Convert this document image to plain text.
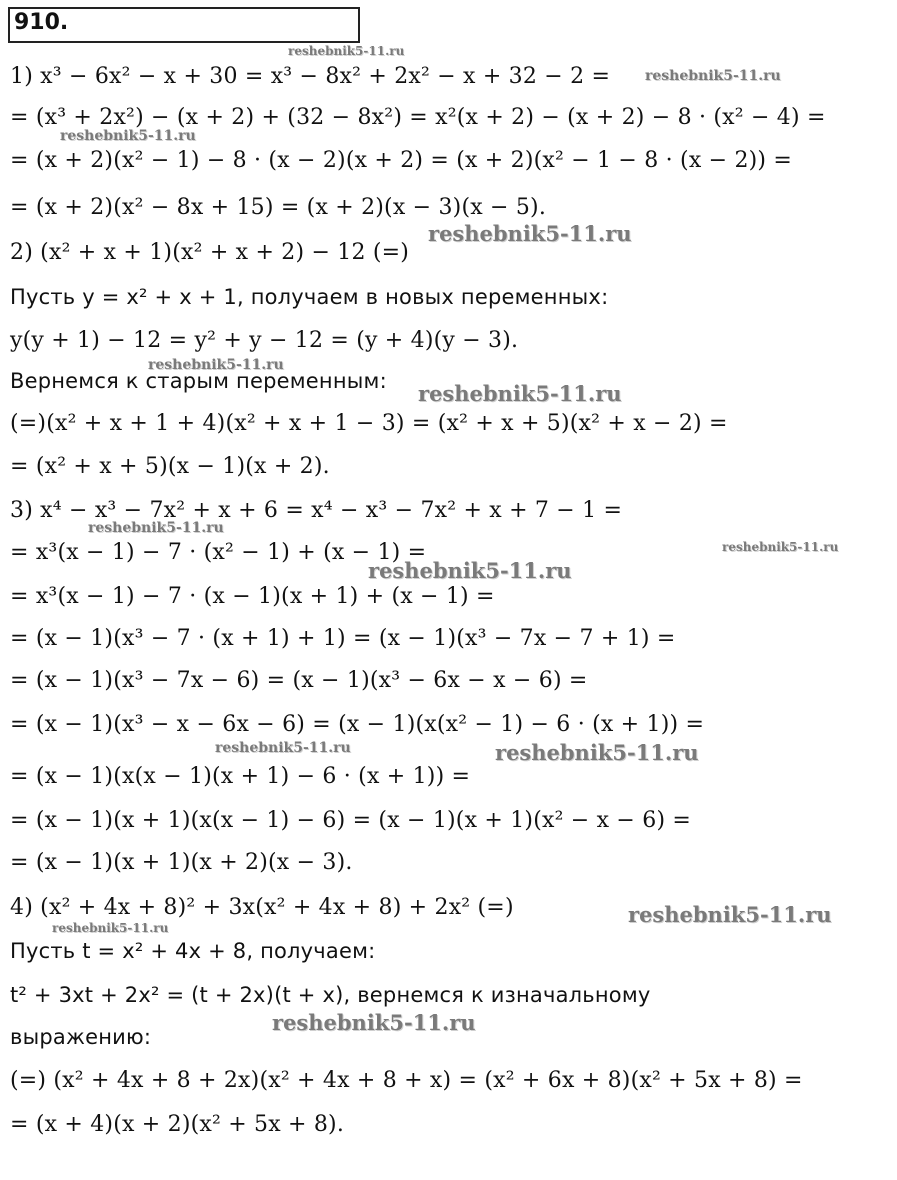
910.
1) x³ − 6x² − x + 30 = x³ − 8x² + 2x² − x + 32 − 2 =
= (x³ + 2x²) − (x + 2) + (32 − 8x²) = x²(x + 2) − (x + 2) − 8 · (x² − 4) =
= (x + 2)(x² − 1) − 8 · (x − 2)(x + 2) = (x + 2)(x² − 1 − 8 · (x − 2)) =
= (x + 2)(x² − 8x + 15) = (x + 2)(x − 3)(x − 5).
2) (x² + x + 1)(x² + x + 2) − 12 (=)
Пусть y = x² + x + 1, получаем в новых переменных:
y(y + 1) − 12 = y² + y − 12 = (y + 4)(y − 3).
Вернемся к старым переменным:
(=)(x² + x + 1 + 4)(x² + x + 1 − 3) = (x² + x + 5)(x² + x − 2) =
= (x² + x + 5)(x − 1)(x + 2).
3) x⁴ − x³ − 7x² + x + 6 = x⁴ − x³ − 7x² + x + 7 − 1 =
= x³(x − 1) − 7 · (x² − 1) + (x − 1) =
= x³(x − 1) − 7 · (x − 1)(x + 1) + (x − 1) =
= (x − 1)(x³ − 7 · (x + 1) + 1) = (x − 1)(x³ − 7x − 7 + 1) =
= (x − 1)(x³ − 7x − 6) = (x − 1)(x³ − 6x − x − 6) =
= (x − 1)(x³ − x − 6x − 6) = (x − 1)(x(x² − 1) − 6 · (x + 1)) =
= (x − 1)(x(x − 1)(x + 1) − 6 · (x + 1)) =
= (x − 1)(x + 1)(x(x − 1) − 6) = (x − 1)(x + 1)(x² − x − 6) =
= (x − 1)(x + 1)(x + 2)(x − 3).
4) (x² + 4x + 8)² + 3x(x² + 4x + 8) + 2x² (=)
Пусть t = x² + 4x + 8, получаем:
t² + 3xt + 2x² = (t + 2x)(t + x), вернемся к изначальному
выражению:
(=) (x² + 4x + 8 + 2x)(x² + 4x + 8 + x) = (x² + 6x + 8)(x² + 5x + 8) =
= (x + 4)(x + 2)(x² + 5x + 8).
reshebnik5-11.ru
reshebnik5-11.ru
reshebnik5-11.ru
reshebnik5-11.ru
reshebnik5-11.ru
reshebnik5-11.ru
reshebnik5-11.ru
reshebnik5-11.ru
reshebnik5-11.ru
reshebnik5-11.ru	reshebnik5-11.ru
reshebnik5-11.ru
reshebnik5-11.ru
reshebnik5-11.ru
